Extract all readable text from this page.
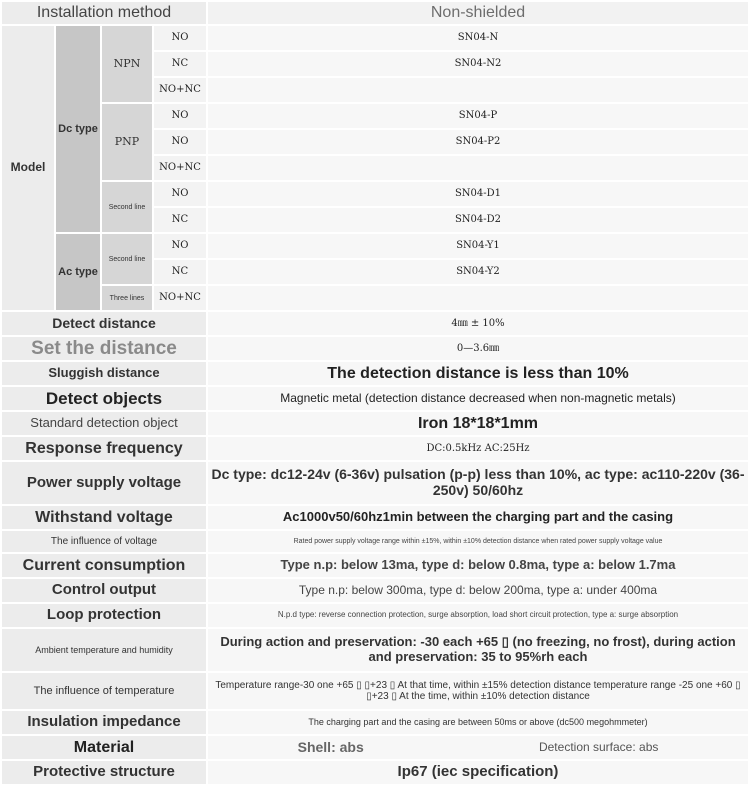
Installation method				Non-shielded
Model	Dc type	NPN	NO	SN04-N
			NC	SN04-N2
			NO+NC	
		PNP	NO	SN04-P
			NO	SN04-P2
			NO+NC	
		Second line	NO	SN04-D1
			NC	SN04-D2
	Ac type	Second line	NO	SN04-Y1
			NC	SN04-Y2
		Three lines	NO+NC	
Detect distance				4㎜ ± 10%
Set the distance				0—3.6㎜
Sluggish distance				The detection distance is less than 10%
Detect objects				Magnetic metal (detection distance decreased when non-magnetic metals)
Standard detection object				Iron 18*18*1mm
Response frequency				DC:0.5kHz AC:25Hz
Power supply voltage				Dc type: dc12-24v (6-36v) pulsation (p-p) less than 10%, ac type: ac110-220v (36-250v) 50/60hz
Withstand voltage				Ac1000v50/60hz1min between the charging part and the casing
The influence of voltage				Rated power supply voltage range within ±15%, within ±10% detection distance when rated power supply voltage value
Current consumption				Type n.p: below 13ma, type d: below 0.8ma, type a: below 1.7ma
Control output				Type n.p: below 300ma, type d: below 200ma, type a: under 400ma
Loop protection				N.p.d type: reverse connection protection, surge absorption, load short circuit protection, type a: surge absorption
Ambient temperature and humidity				During action and preservation: -30 each +65 ▯ (no freezing, no frost), during action and preservation: 35 to 95%rh each
The influence of temperature				Temperature range-30 one +65 ▯ ▯+23 ▯ At that time, within ±15% detection distance temperature range -25 one +60 ▯ ▯+23 ▯ At the time, within ±10% detection distance
Insulation impedance				The charging part and the casing are between 50ms or above (dc500 megohmmeter)
Material				Shell: abs Detection surface: abs

Protective structure				Ip67 (iec specification)
